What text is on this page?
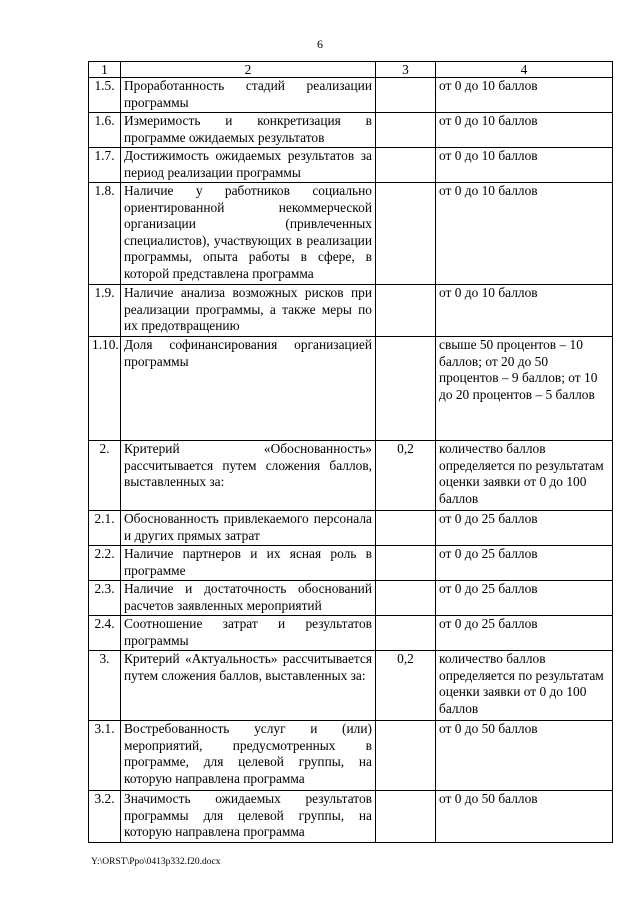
6
1	2	3	4
1.5.	Проработанность стадий реализации программы		от 0 до 10 баллов
1.6.	Измеримость и конкретизация в программе ожидаемых результатов		от 0 до 10 баллов
1.7.	Достижимость ожидаемых результатов за период реализации программы		от 0 до 10 баллов
1.8.	Наличие у работников социально ориентированной некоммерческой организации (привлеченных специалистов), участвующих в реализации программы, опыта работы в сфере, в которой представлена программа		от 0 до 10 баллов
1.9.	Наличие анализа возможных рисков при реализации программы, а также меры по их предотвращению		от 0 до 10 баллов
1.10.	Доля софинансирования организацией программы		свыше 50 процентов – 10 баллов; от 20 до 50 процентов – 9 баллов; от 10 до 20 процентов – 5 баллов
2.	Критерий «Обоснованность» рассчитывается путем сложения баллов, выставленных за:	0,2	количество баллов определяется по результатам оценки заявки от 0 до 100 баллов
2.1.	Обоснованность привлекаемого персонала и других прямых затрат		от 0 до 25 баллов
2.2.	Наличие партнеров и их ясная роль в программе		от 0 до 25 баллов
2.3.	Наличие и достаточность обоснований расчетов заявленных мероприятий		от 0 до 25 баллов
2.4.	Соотношение затрат и результатов программы		от 0 до 25 баллов
3.	Критерий «Актуальность» рассчитывается путем сложения баллов, выставленных за:	0,2	количество баллов определяется по результатам оценки заявки от 0 до 100 баллов
3.1.	Востребованность услуг и (или) мероприятий, предусмотренных в программе, для целевой группы, на которую направлена программа		от 0 до 50 баллов
3.2.	Значимость ожидаемых результатов программы для целевой группы, на которую направлена программа		от 0 до 50 баллов
Y:\ORST\Ppo\0413p332.f20.docx
